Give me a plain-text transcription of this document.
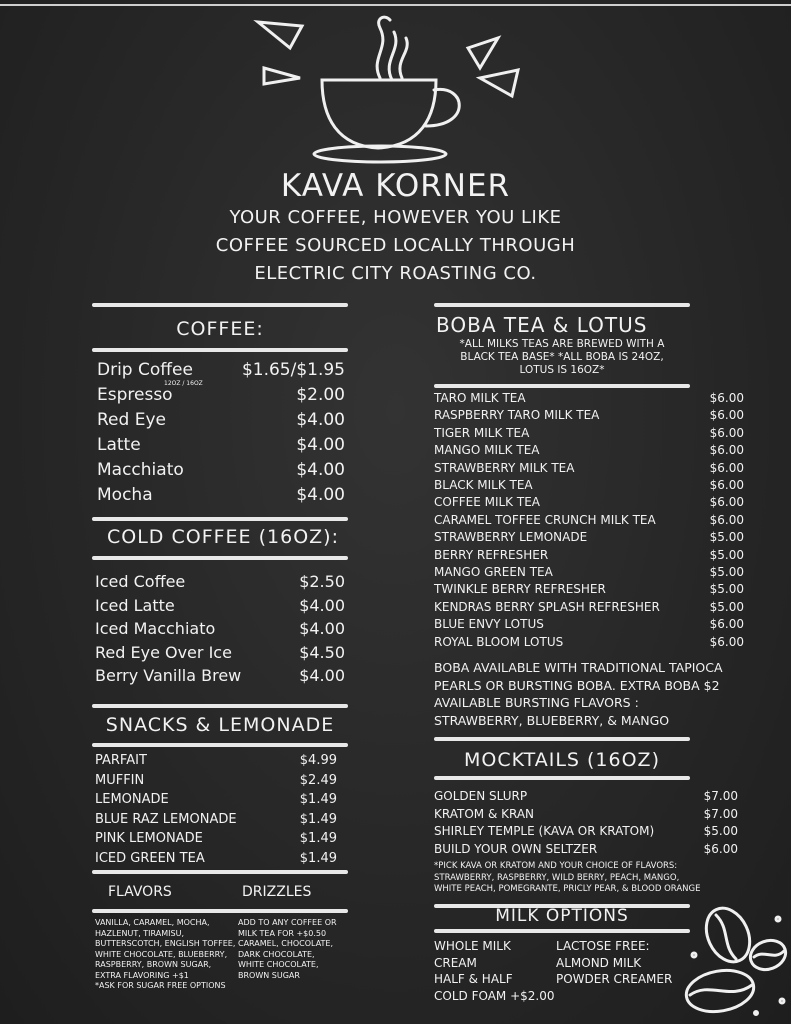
KAVA KORNER
YOUR COFFEE, HOWEVER YOU LIKE
COFFEE SOURCED LOCALLY THROUGH
ELECTRIC CITY ROASTING CO.
COFFEE:
Drip Coffee	$1.65/$1.95
Espresso	$2.00
Red Eye	$4.00
Latte	$4.00
Macchiato	$4.00
Mocha	$4.00
12OZ / 16OZ
COLD COFFEE (16OZ):
Iced Coffee	$2.50
Iced Latte	$4.00
Iced Macchiato	$4.00
Red Eye Over Ice	$4.50
Berry Vanilla Brew	$4.00
SNACKS & LEMONADE
PARFAIT	$4.99
MUFFIN	$2.49
LEMONADE	$1.49
BLUE RAZ LEMONADE	$1.49
PINK LEMONADE	$1.49
ICED GREEN TEA	$1.49
FLAVORS	DRIZZLES
VANILLA, CARAMEL, MOCHA,
HAZLENUT, TIRAMISU,
BUTTERSCOTCH, ENGLISH TOFFEE,
WHITE CHOCOLATE, BLUEBERRY,
RASPBERRY, BROWN SUGAR,
EXTRA FLAVORING +$1
*ASK FOR SUGAR FREE OPTIONS
ADD TO ANY COFFEE OR
MILK TEA FOR +$0.50
CARAMEL, CHOCOLATE,
DARK CHOCOLATE,
WHITE CHOCOLATE,
BROWN SUGAR
BOBA TEA & LOTUS
*ALL MILKS TEAS ARE BREWED WITH A
BLACK TEA BASE* *ALL BOBA IS 24OZ,
LOTUS IS 16OZ*
TARO MILK TEA	$6.00
RASPBERRY TARO MILK TEA	$6.00
TIGER MILK TEA	$6.00
MANGO MILK TEA	$6.00
STRAWBERRY MILK TEA	$6.00
BLACK MILK TEA	$6.00
COFFEE MILK TEA	$6.00
CARAMEL TOFFEE CRUNCH MILK TEA	$6.00
STRAWBERRY LEMONADE	$5.00
BERRY REFRESHER	$5.00
MANGO GREEN TEA	$5.00
TWINKLE BERRY REFRESHER	$5.00
KENDRAS BERRY SPLASH REFRESHER	$5.00
BLUE ENVY LOTUS	$6.00
ROYAL BLOOM LOTUS	$6.00
BOBA AVAILABLE WITH TRADITIONAL TAPIOCA
PEARLS OR BURSTING BOBA. EXTRA BOBA $2
AVAILABLE BURSTING FLAVORS :
STRAWBERRY, BLUEBERRY, & MANGO
MOCKTAILS (16OZ)
GOLDEN SLURP	$7.00
KRATOM & KRAN	$7.00
SHIRLEY TEMPLE (KAVA OR KRATOM)	$5.00
BUILD YOUR OWN SELTZER	$6.00
*PICK KAVA OR KRATOM AND YOUR CHOICE OF FLAVORS:
STRAWBERRY, RASPBERRY, WILD BERRY, PEACH, MANGO,
WHITE PEACH, POMEGRANTE, PRICLY PEAR, & BLOOD ORANGE
MILK OPTIONS
WHOLE MILK
CREAM
HALF & HALF
COLD FOAM +$2.00
LACTOSE FREE:
ALMOND MILK
POWDER CREAMER
